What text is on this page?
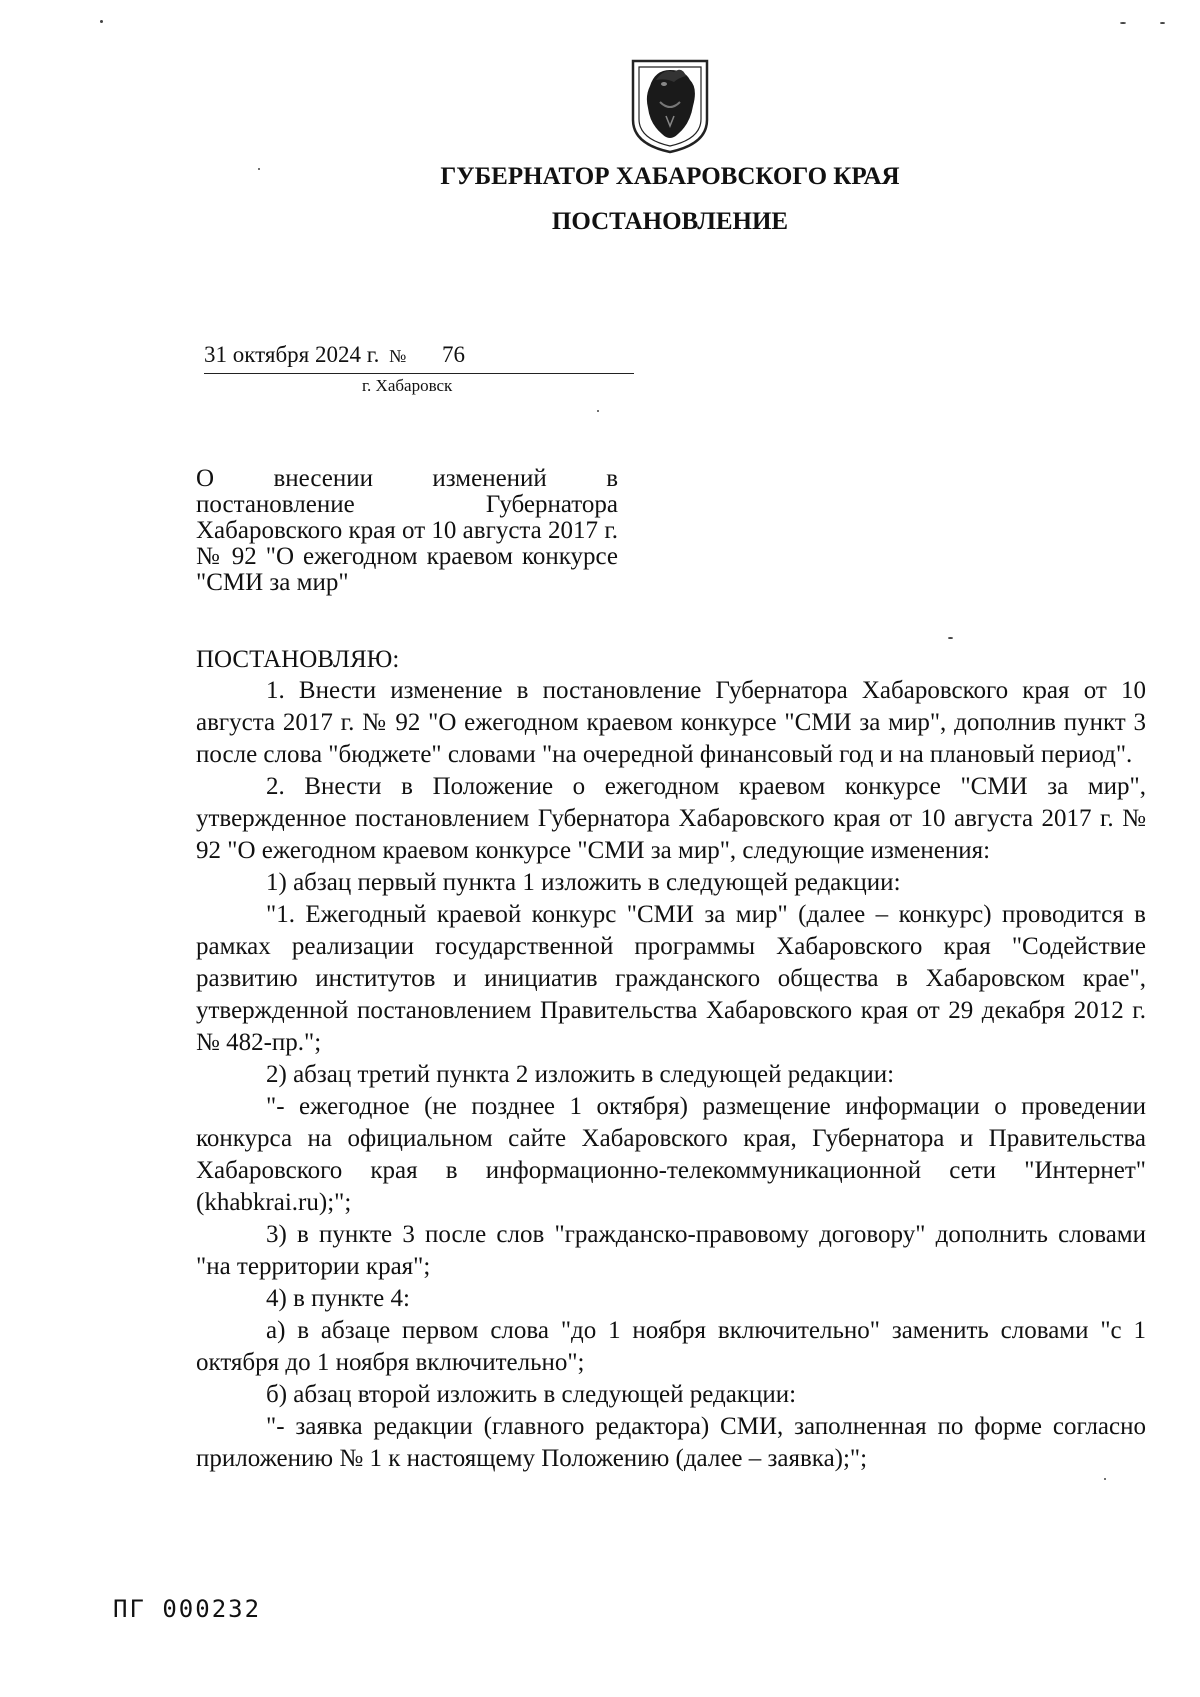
ГУБЕРНАТОР ХАБАРОВСКОГО КРАЯ
ПОСТАНОВЛЕНИЕ
31 октября 2024 г. № 76
г. Хабаровск
О внесении изменений в постановление Губернатора Хабаровского края от 10 августа 2017 г. № 92 "О ежегодном краевом конкурсе "СМИ за мир"
ПОСТАНОВЛЯЮ:

1. Внести изменение в постановление Губернатора Хабаровского края от 10 августа 2017 г. № 92 "О ежегодном краевом конкурсе "СМИ за мир", дополнив пункт 3 после слова "бюджете" словами "на очередной финансовый год и на плановый период".

2. Внести в Положение о ежегодном краевом конкурсе "СМИ за мир", утвержденное постановлением Губернатора Хабаровского края от 10 августа 2017 г. № 92 "О ежегодном краевом конкурсе "СМИ за мир", следующие изменения:

1) абзац первый пункта 1 изложить в следующей редакции:

"1. Ежегодный краевой конкурс "СМИ за мир" (далее – конкурс) проводится в рамках реализации государственной программы Хабаровского края "Содействие развитию институтов и инициатив гражданского общества в Хабаровском крае", утвержденной постановлением Правительства Хабаровского края от 29 декабря 2012 г. № 482-пр.";

2) абзац третий пункта 2 изложить в следующей редакции:

"- ежегодное (не позднее 1 октября) размещение информации о проведении конкурса на официальном сайте Хабаровского края, Губернатора и Правительства Хабаровского края в информационно-телекоммуникационной сети "Интернет" (khabkrai.ru);";

3) в пункте 3 после слов "гражданско-правовому договору" дополнить словами "на территории края";

4) в пункте 4:

а) в абзаце первом слова "до 1 ноября включительно" заменить словами "с 1 октября до 1 ноября включительно";

б) абзац второй изложить в следующей редакции:

"- заявка редакции (главного редактора) СМИ, заполненная по форме согласно приложению № 1 к настоящему Положению (далее – заявка);";

ПГ 000232
